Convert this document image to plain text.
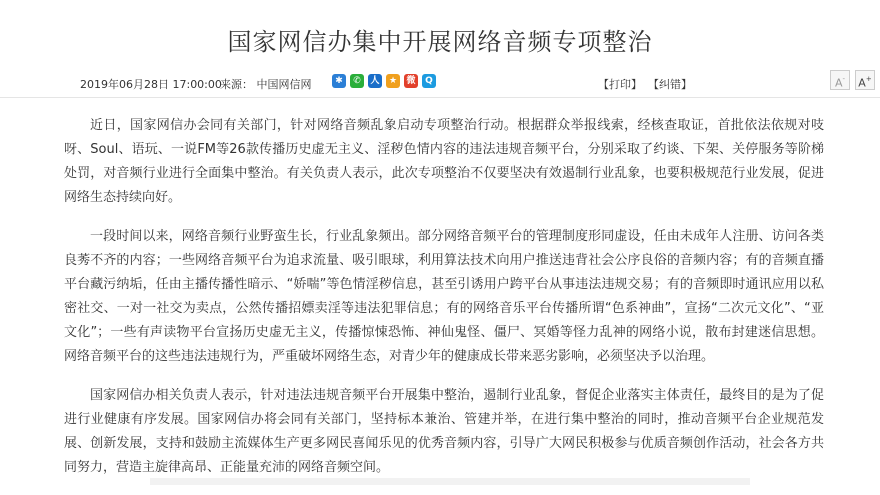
国家网信办集中开展网络音频专项整治
2019年06月28日 17:00:00
来源： 中国网信网	✱	✆	人	★	微	Q	【打印】 【纠错】	A-	A+

近日，国家网信办会同有关部门，针对网络音频乱象启动专项整治行动。根据群众举报线索，经核查取证，首批依法依规对吱呀、Soul、语玩、一说FM等26款传播历史虚无主义、淫秽色情内容的违法违规音频平台，分别采取了约谈、下架、关停服务等阶梯处罚，对音频行业进行全面集中整治。有关负责人表示，此次专项整治不仅要坚决有效遏制行业乱象，也要积极规范行业发展，促进网络生态持续向好。

一段时间以来，网络音频行业野蛮生长，行业乱象频出。部分网络音频平台的管理制度形同虚设，任由未成年人注册、访问各类良莠不齐的内容；一些网络音频平台为追求流量、吸引眼球，利用算法技术向用户推送违背社会公序良俗的音频内容；有的音频直播平台藏污纳垢，任由主播传播性暗示、“娇喘”等色情淫秽信息，甚至引诱用户跨平台从事违法违规交易；有的音频即时通讯应用以私密社交、一对一社交为卖点，公然传播招嫖卖淫等违法犯罪信息；有的网络音乐平台传播所谓“色系神曲”，宣扬“二次元文化”、“亚文化”；一些有声读物平台宣扬历史虚无主义，传播惊悚恐怖、神仙鬼怪、僵尸、冥婚等怪力乱神的网络小说，散布封建迷信思想。网络音频平台的这些违法违规行为，严重破坏网络生态，对青少年的健康成长带来恶劣影响，必须坚决予以治理。

国家网信办相关负责人表示，针对违法违规音频平台开展集中整治，遏制行业乱象，督促企业落实主体责任，最终目的是为了促进行业健康有序发展。国家网信办将会同有关部门，坚持标本兼治、管建并举，在进行集中整治的同时，推动音频平台企业规范发展、创新发展，支持和鼓励主流媒体生产更多网民喜闻乐见的优秀音频内容，引导广大网民积极参与优质音频创作活动，社会各方共同努力，营造主旋律高昂、正能量充沛的网络音频空间。
